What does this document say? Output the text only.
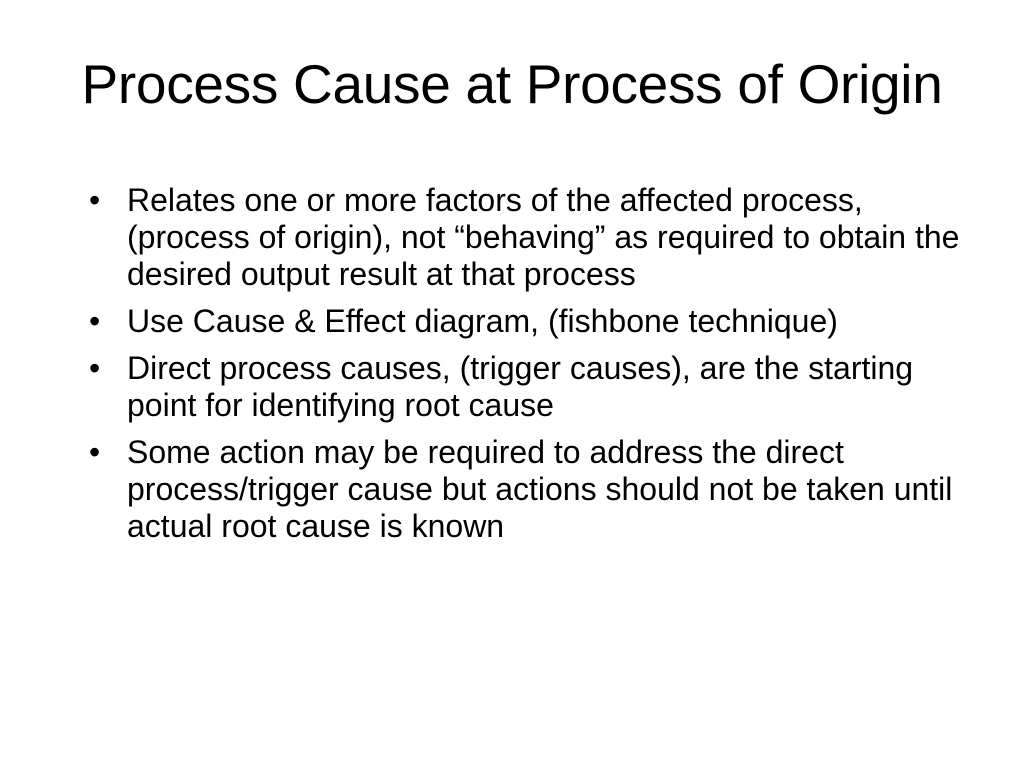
Process Cause at Process of Origin
• Relates one or more factors of the affected process, (process of origin), not “behaving” as required to obtain the desired output result at that process
• Use Cause & Effect diagram, (fishbone technique)
• Direct process causes, (trigger causes), are the starting point for identifying root cause
• Some action may be required to address the direct process/trigger cause but actions should not be taken until actual root cause is known
